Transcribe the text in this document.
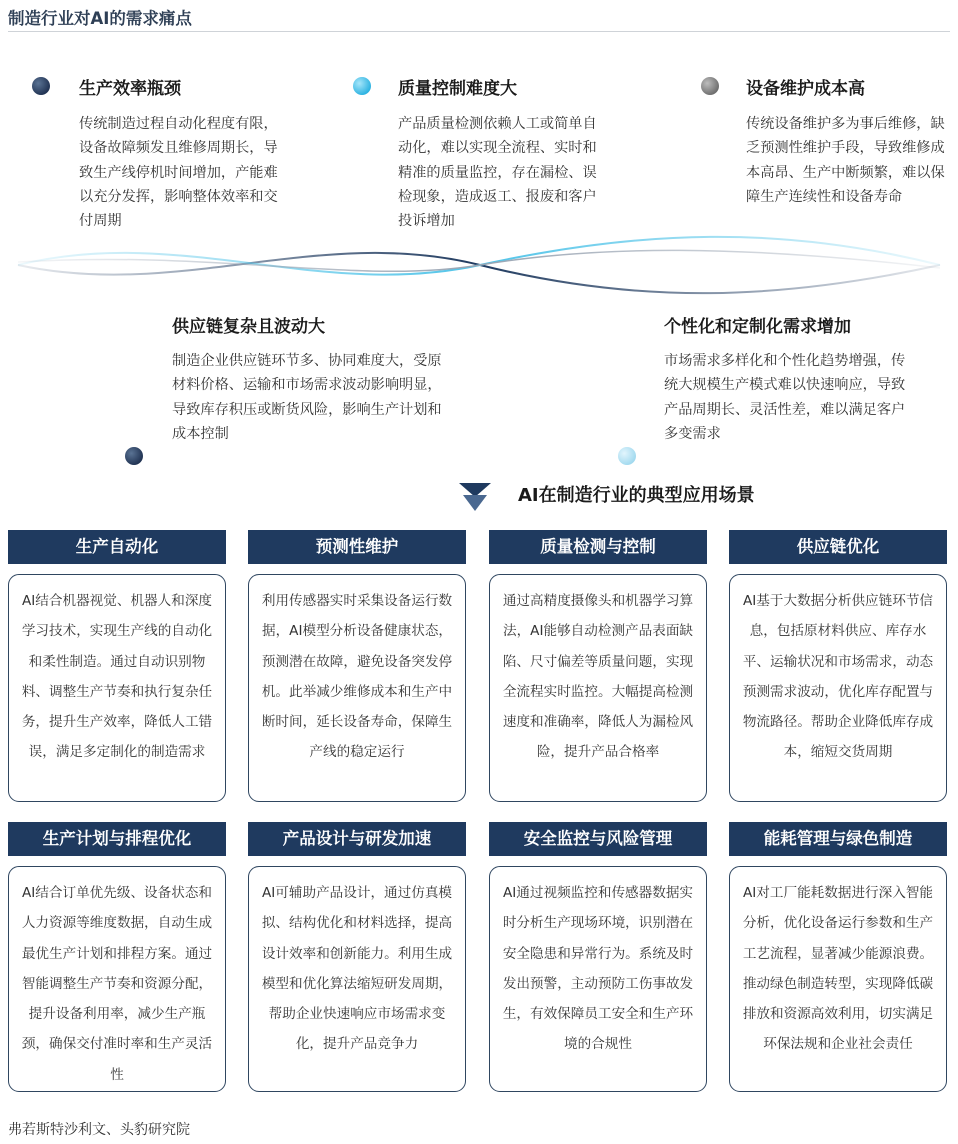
制造行业对AI的需求痛点
生产效率瓶颈
传统制造过程自动化程度有限，设备故障频发且维修周期长，导致生产线停机时间增加，产能难以充分发挥，影响整体效率和交付周期
质量控制难度大
产品质量检测依赖人工或简单自动化，难以实现全流程、实时和精准的质量监控，存在漏检、误检现象，造成返工、报废和客户投诉增加
设备维护成本高
传统设备维护多为事后维修，缺乏预测性维护手段，导致维修成本高昂、生产中断频繁，难以保障生产连续性和设备寿命
供应链复杂且波动大
制造企业供应链环节多、协同难度大，受原材料价格、运输和市场需求波动影响明显，导致库存积压或断货风险，影响生产计划和成本控制
个性化和定制化需求增加
市场需求多样化和个性化趋势增强，传统大规模生产模式难以快速响应，导致产品周期长、灵活性差，难以满足客户多变需求
AI在制造行业的典型应用场景
生产自动化
AI结合机器视觉、机器人和深度学习技术，实现生产线的自动化和柔性制造。通过自动识别物料、调整生产节奏和执行复杂任务，提升生产效率，降低人工错误，满足多定制化的制造需求
预测性维护
利用传感器实时采集设备运行数据，AI模型分析设备健康状态，预测潜在故障，避免设备突发停机。此举减少维修成本和生产中断时间，延长设备寿命，保障生产线的稳定运行
质量检测与控制
通过高精度摄像头和机器学习算法，AI能够自动检测产品表面缺陷、尺寸偏差等质量问题，实现全流程实时监控。大幅提高检测速度和准确率，降低人为漏检风险，提升产品合格率
供应链优化
AI基于大数据分析供应链环节信息，包括原材料供应、库存水平、运输状况和市场需求，动态预测需求波动，优化库存配置与物流路径。帮助企业降低库存成本，缩短交货周期
生产计划与排程优化
AI结合订单优先级、设备状态和人力资源等维度数据，自动生成最优生产计划和排程方案。通过智能调整生产节奏和资源分配，提升设备利用率，减少生产瓶颈，确保交付准时率和生产灵活性
产品设计与研发加速
AI可辅助产品设计，通过仿真模拟、结构优化和材料选择，提高设计效率和创新能力。利用生成模型和优化算法缩短研发周期，帮助企业快速响应市场需求变化，提升产品竞争力
安全监控与风险管理
AI通过视频监控和传感器数据实时分析生产现场环境，识别潜在安全隐患和异常行为。系统及时发出预警，主动预防工伤事故发生，有效保障员工安全和生产环境的合规性
能耗管理与绿色制造
AI对工厂能耗数据进行深入智能分析，优化设备运行参数和生产工艺流程，显著减少能源浪费。推动绿色制造转型，实现降低碳排放和资源高效利用，切实满足环保法规和企业社会责任
弗若斯特沙利文、头豹研究院
